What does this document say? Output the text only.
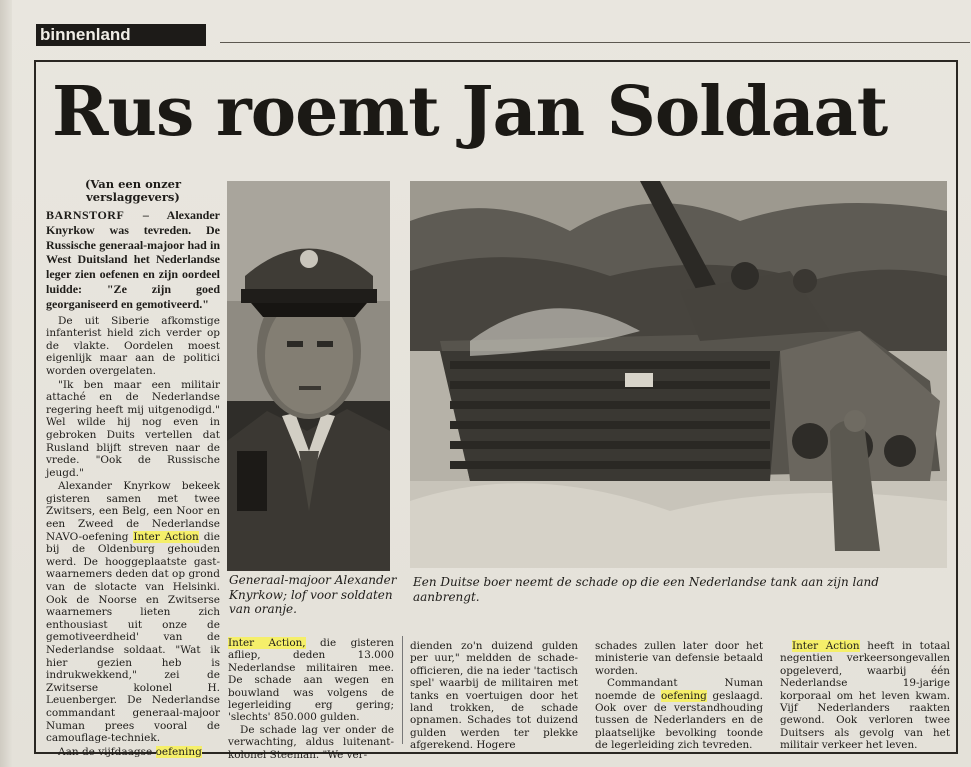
binnenland
Rus roemt Jan Soldaat

(Van een onzer verslaggevers)

BARNSTORF – Alexander Knyrkow was tevreden. De Russische generaal-majoor had in West Duitsland het Nederlandse leger zien oefenen en zijn oordeel luidde: "Ze zijn goed georganiseerd en gemotiveerd."

De uit Siberie afkomstige infanterist hield zich verder op de vlakte. Oordelen moest eigenlijk maar aan de politici worden overgelaten.

"Ik ben maar een militair attaché en de Nederlandse regering heeft mij uitgenodigd." Wel wilde hij nog even in gebroken Duits vertellen dat Rusland blijft streven naar de vrede. "Ook de Russische jeugd."

Alexander Knyrkow bekeek gisteren samen met twee Zwitsers, een Belg, een Noor en een Zweed de Nederlandse NAVO-oefening Inter Action die bij de Oldenburg gehouden werd. De hooggeplaatste gast-waarnemers deden dat op grond van de slotacte van Helsinki. Ook de Noorse en Zwitserse waarnemers lieten zich enthousiast uit onze de gemotiveerdheid' van de Nederlandse soldaat. "Wat ik hier gezien heb is indrukwekkend," zei de Zwitserse kolonel H. Leuenberger. De Nederlandse commandant generaal-majoor Numan prees vooral de camouflage-techniek.

Aan de vijfdaagse oefening

Generaal-majoor Alexander Knyrkow; lof voor soldaten van oranje.

Een Duitse boer neemt de schade op die een Nederlandse tank aan zijn land aanbrengt.

Inter Action, die gisteren afliep, deden 13.000 Nederlandse militairen mee. De schade aan wegen en bouwland was volgens de legerleiding erg gering; 'slechts' 850.000 gulden.

De schade lag ver onder de verwachting, aldus luitenant-kolonel Steeman. "We ver-

dienden zo'n duizend gulden per uur," meldden de schade-officieren, die na ieder 'tactisch spel' waarbij de militairen met tanks en voertuigen door het land trokken, de schade opnamen. Schades tot duizend gulden werden ter plekke afgerekend. Hogere

schades zullen later door het ministerie van defensie betaald worden.

Commandant Numan noemde de oefening geslaagd. Ook over de verstandhouding tussen de Nederlanders en de plaatselijke bevolking toonde de legerleiding zich tevreden.

Inter Action heeft in totaal negentien verkeersongevallen opgeleverd, waarbij één Nederlandse 19-jarige korporaal om het leven kwam. Vijf Nederlanders raakten gewond. Ook verloren twee Duitsers als gevolg van het militair verkeer het leven.
